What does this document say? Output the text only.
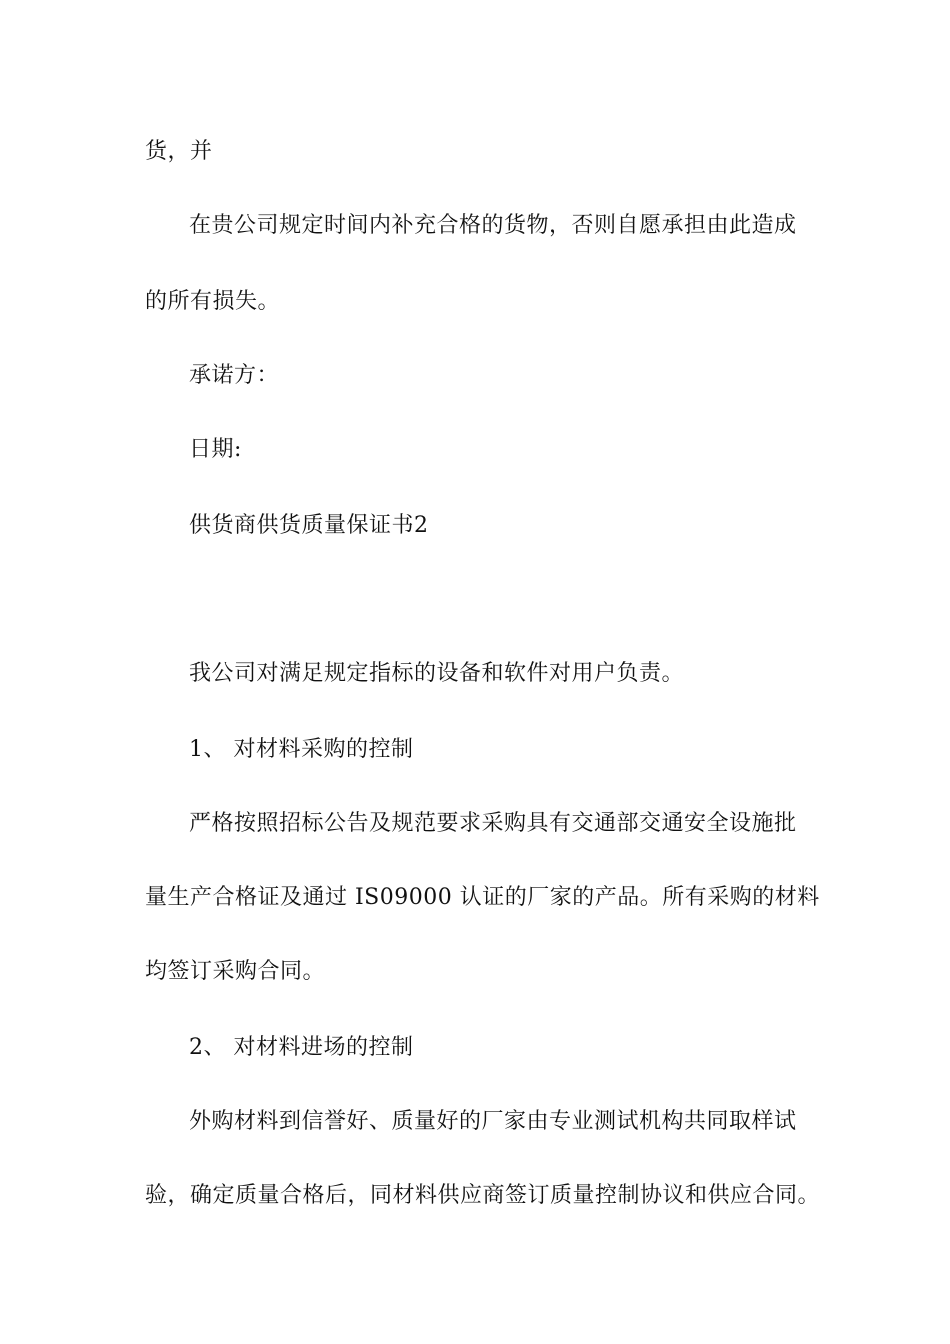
货，并
在贵公司规定时间内补充合格的货物，否则自愿承担由此造成
的所有损失。
承诺方：
日期:
供货商供货质量保证书2
我公司对满足规定指标的设备和软件对用户负责。
1、 对材料采购的控制
严格按照招标公告及规范要求采购具有交通部交通安全设施批
量生产合格证及通过 IS09000 认证的厂家的产品。所有采购的材料
均签订采购合同。
2、 对材料进场的控制
外购材料到信誉好、质量好的厂家由专业测试机构共同取样试
验，确定质量合格后，同材料供应商签订质量控制协议和供应合同。
